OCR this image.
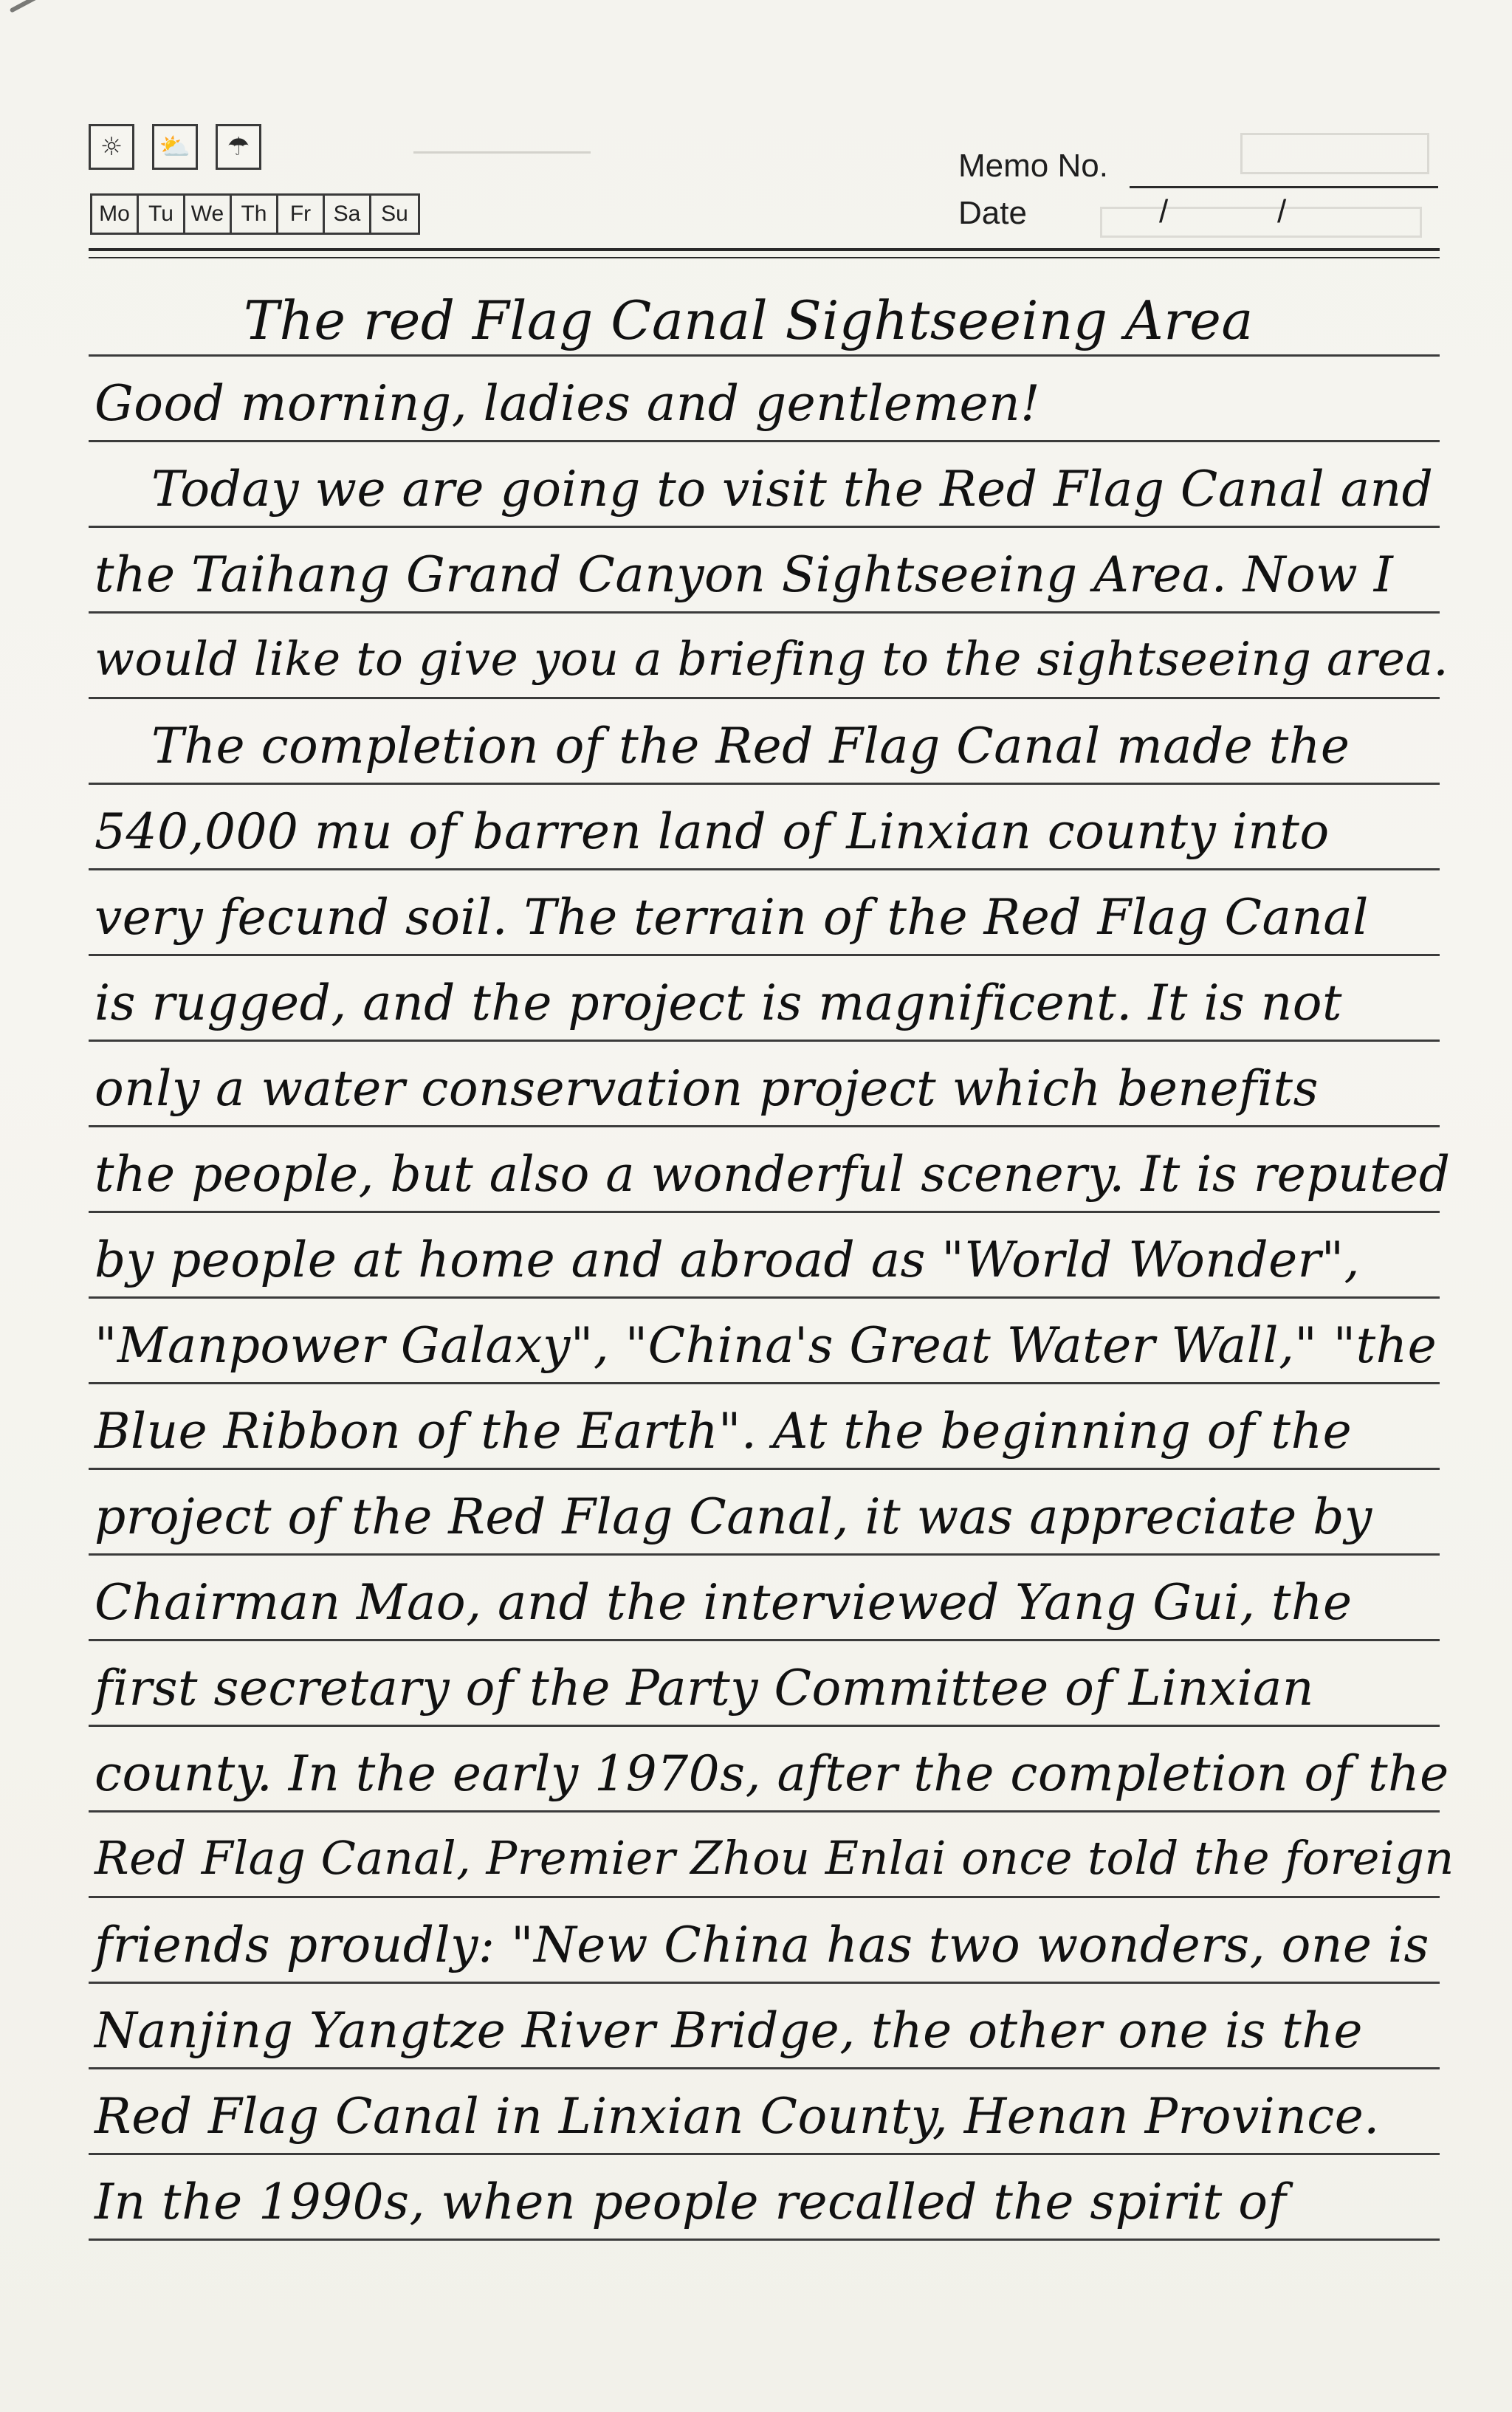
☼	⛅	☂
Mo Tu We Th	Fr	Sa Su
Memo No.
Date	/	/
The red Flag Canal Sightseeing Area
Good morning, ladies and gentlemen!
Today we are going to visit the Red Flag Canal and
the Taihang Grand Canyon Sightseeing Area. Now I
would like to give you a briefing to the sightseeing area.
The completion of the Red Flag Canal made the
540,000 mu of barren land of Linxian county into
very fecund soil. The terrain of the Red Flag Canal
is rugged, and the project is magnificent. It is not
only a water conservation project which benefits
the people, but also a wonderful scenery. It is reputed
by people at home and abroad as "World Wonder",
"Manpower Galaxy", "China's Great Water Wall," "the
Blue Ribbon of the Earth". At the beginning of the
project of the Red Flag Canal, it was appreciate by
Chairman Mao, and the interviewed Yang Gui, the
first secretary of the Party Committee of Linxian
county. In the early 1970s, after the completion of the
Red Flag Canal, Premier Zhou Enlai once told the foreign
friends proudly: "New China has two wonders, one is
Nanjing Yangtze River Bridge, the other one is the
Red Flag Canal in Linxian County, Henan Province.
In the 1990s, when people recalled the spirit of
